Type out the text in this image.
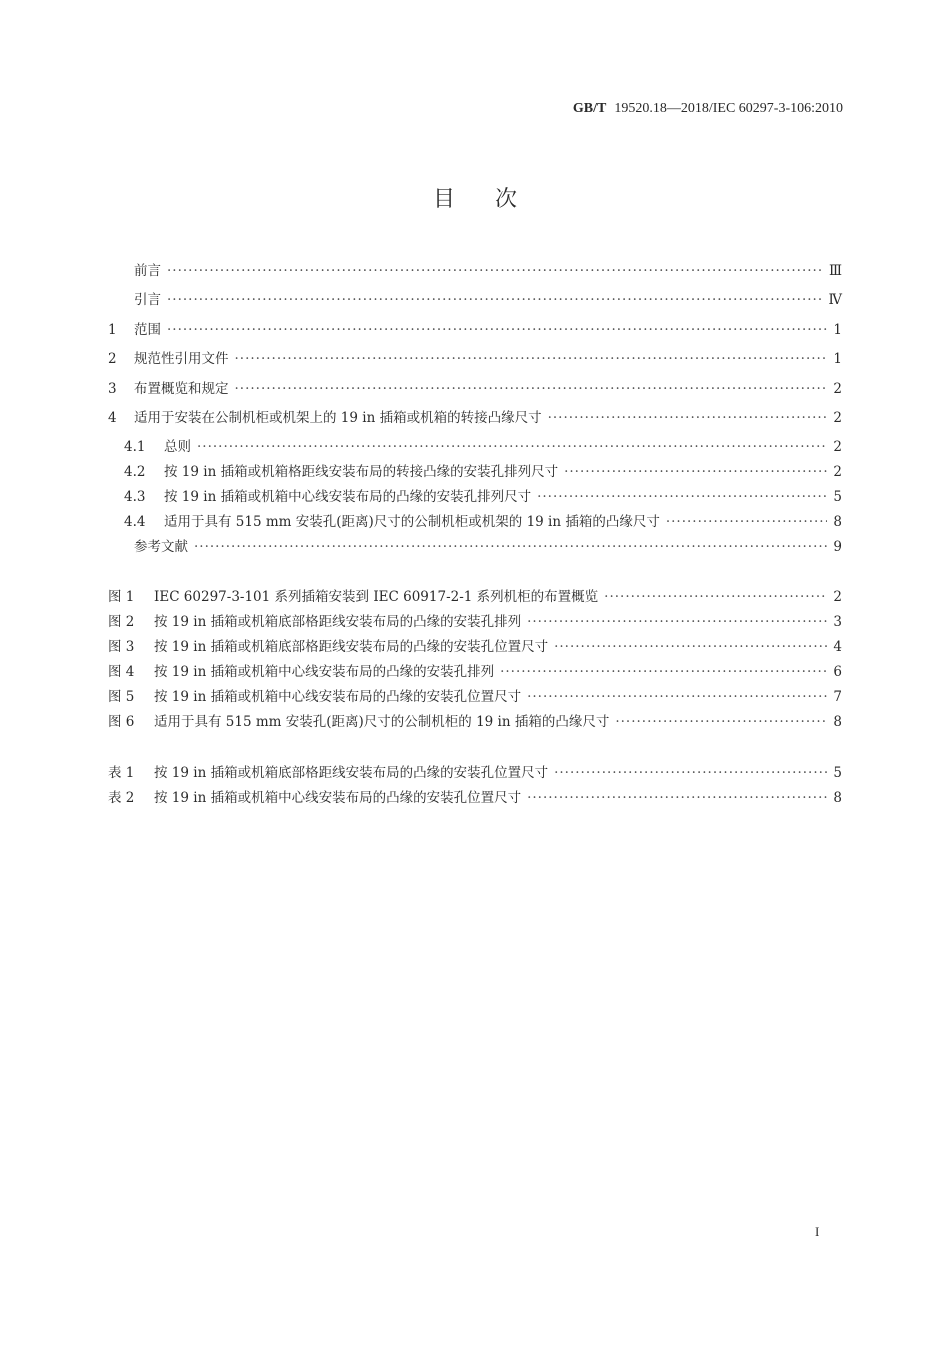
GB/T 19520.18—2018/IEC 60297-3-106:2010
目次
前言 ·····	Ⅲ
引言 ·····	Ⅳ
1	范围 ·····	1
2	规范性引用文件 ·····	1
3	布置概览和规定 ·····	2
4	适用于安装在公制机柜或机架上的 19 in 插箱或机箱的转接凸缘尺寸 ·····	2
4.1	总则 ·····	2
4.2	按 19 in 插箱或机箱格距线安装布局的转接凸缘的安装孔排列尺寸 ·····	2
4.3	按 19 in 插箱或机箱中心线安装布局的凸缘的安装孔排列尺寸 ·····	5
4.4	适用于具有 515 mm 安装孔(距离)尺寸的公制机柜或机架的 19 in 插箱的凸缘尺寸 ·····	8
参考文献 ·····	9
图 1	IEC 60297-3-101 系列插箱安装到 IEC 60917-2-1 系列机柜的布置概览 ·····	2
图 2	按 19 in 插箱或机箱底部格距线安装布局的凸缘的安装孔排列 ·····	3
图 3	按 19 in 插箱或机箱底部格距线安装布局的凸缘的安装孔位置尺寸 ·····	4
图 4	按 19 in 插箱或机箱中心线安装布局的凸缘的安装孔排列 ·····	6
图 5	按 19 in 插箱或机箱中心线安装布局的凸缘的安装孔位置尺寸 ·····	7
图 6	适用于具有 515 mm 安装孔(距离)尺寸的公制机柜的 19 in 插箱的凸缘尺寸 ·····	8
表 1	按 19 in 插箱或机箱底部格距线安装布局的凸缘的安装孔位置尺寸 ·····	5
表 2	按 19 in 插箱或机箱中心线安装布局的凸缘的安装孔位置尺寸 ·····	8
I
